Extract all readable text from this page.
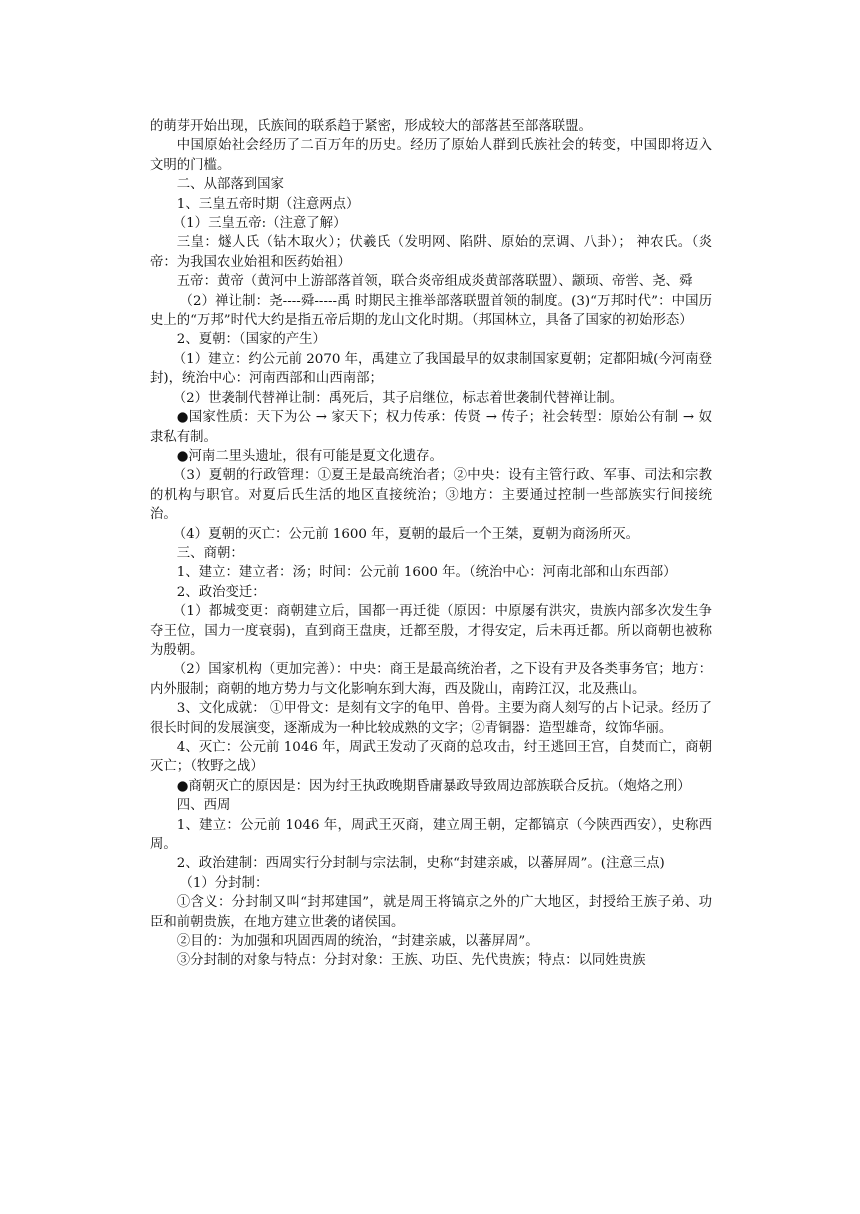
的萌芽开始出现，氏族间的联系趋于紧密，形成较大的部落甚至部落联盟。

中国原始社会经历了二百万年的历史。经历了原始人群到氏族社会的转变，中国即将迈入文明的门槛。

二、从部落到国家

1、三皇五帝时期（注意两点）

（1）三皇五帝:（注意了解）

三皇：燧人氏（钻木取火）；伏羲氏（发明网、陷阱、原始的烹调、八卦）； 神农氏。（炎帝：为我国农业始祖和医药始祖）

五帝：黄帝（黄河中上游部落首领，联合炎帝组成炎黄部落联盟）、颛顼、帝喾、尧、舜

（2）禅让制：尧----舜-----禹 时期民主推举部落联盟首领的制度。(3)“万邦时代”：中国历史上的“万邦”时代大约是指五帝后期的龙山文化时期。（邦国林立，具备了国家的初始形态）

2、夏朝：（国家的产生）

（1）建立：约公元前 2070 年，禹建立了我国最早的奴隶制国家夏朝；定都阳城(今河南登封)，统治中心：河南西部和山西南部；

（2）世袭制代替禅让制：禹死后，其子启继位，标志着世袭制代替禅让制。

●国家性质：天下为公 → 家天下；权力传承：传贤 → 传子；社会转型：原始公有制 → 奴隶私有制。

●河南二里头遗址，很有可能是夏文化遗存。

（3）夏朝的行政管理：①夏王是最高统治者；②中央：设有主管行政、军事、司法和宗教的机构与职官。对夏后氏生活的地区直接统治；③地方：主要通过控制一些部族实行间接统治。

（4）夏朝的灭亡：公元前 1600 年，夏朝的最后一个王桀，夏朝为商汤所灭。

三、商朝：

1、建立：建立者：汤；时间：公元前 1600 年。（统治中心：河南北部和山东西部）

2、政治变迁：

（1）都城变更：商朝建立后，国都一再迁徙（原因：中原屡有洪灾，贵族内部多次发生争夺王位，国力一度衰弱)，直到商王盘庚，迁都至殷，才得安定，后未再迁都。所以商朝也被称为殷朝。

（2）国家机构（更加完善）：中央：商王是最高统治者，之下设有尹及各类事务官；地方：内外服制；商朝的地方势力与文化影响东到大海，西及陇山，南跨江汉，北及燕山。

3、文化成就： ①甲骨文：是刻有文字的龟甲、兽骨。主要为商人刻写的占卜记录。经历了很长时间的发展演变，逐渐成为一种比较成熟的文字；②青铜器：造型雄奇，纹饰华丽。

4、灭亡：公元前 1046 年，周武王发动了灭商的总攻击，纣王逃回王宫，自焚而亡，商朝灭亡；（牧野之战）

●商朝灭亡的原因是：因为纣王执政晚期昏庸暴政导致周边部族联合反抗。（炮烙之刑）

四、西周

1、建立：公元前 1046 年，周武王灭商，建立周王朝，定都镐京（今陕西西安），史称西周。

2、政治建制：西周实行分封制与宗法制，史称“封建亲戚，以蕃屏周”。(注意三点)

（1）分封制：

①含义：分封制又叫“封邦建国”，就是周王将镐京之外的广大地区，封授给王族子弟、功臣和前朝贵族，在地方建立世袭的诸侯国。

②目的：为加强和巩固西周的统治，“封建亲戚，以蕃屏周”。

③分封制的对象与特点：分封对象：王族、功臣、先代贵族；特点：以同姓贵族
